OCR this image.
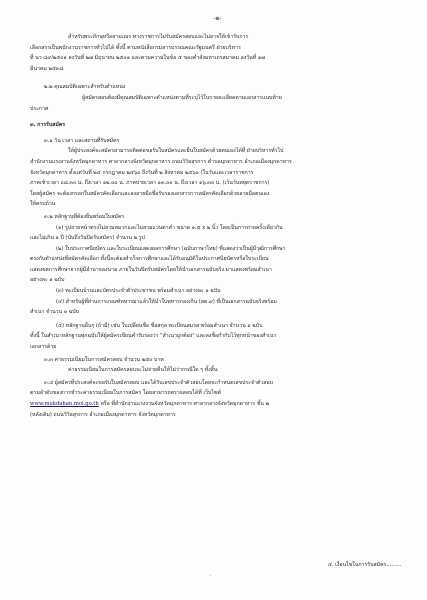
-๒-

สำหรับพระภิกษุหรือสามเณร ทางราชการไม่รับสมัครสอบและไม่อาจให้เข้ารับการ

เลือกสรรเป็นพนักงานราชการทั่วไปได้ ทั้งนี้ ตามหนังสือกรมสารบรรณคณะรัฐมนตรี ฝ่ายบริหาร

ที่ นว ๘๙/๒๕๐๑ ลงวันที่ ๒๗ มิถุนายน ๒๕๐๑ และตามความในข้อ ๕ ของคำสั่งมหาเถรสมาคม ลงวันที่ ๑๗

มีนาคม ๒๕๓๘

๒.๒ คุณสมบัติเฉพาะสำหรับตำแหน่ง

ผู้สมัครสอบต้องมีคุณสมบัติเฉพาะตำแหน่งตามที่ระบุไว้ในรายละเอียดตามเอกสารแนบท้าย

ประกาศ

๓. การรับสมัคร

๓.๑ วัน เวลา และสถานที่รับสมัคร

ให้ผู้ประสงค์จะสมัครสามารถติดต่อขอรับใบสมัครและยื่นใบสมัครด้วยตนเองได้ที่ ฝ่ายบริหารทั่วไป

สำนักงานแรงงานจังหวัดมุกดาหาร ศาลากลางจังหวัดมุกดาหาร ถนนวิวิธสุรการ ตำบลมุกดาหาร อำเภอเมืองมุกดาหาร

จังหวัดมุกดาหาร ตั้งแต่วันที่ ๒๔ กรกฎาคม ๒๕๖๐ ถึงวันที่ ๒ สิงหาคม ๒๕๖๐ (ในวันและเวลาราชการ

ภาคเช้าเวลา ๐๘.๓๐ น. ถึงเวลา ๑๒.๐๐ น. ภาคบ่ายเวลา ๑๓.๐๐ น. ถึงเวลา ๑๖.๓๐ น. (เว้นวันหยุดราชการ)

โดยผู้สมัคร จะต้องกรอกใบสมัครคัดเลือกและลงลายมือชื่อรับรองเอกสารการสมัครคัดเลือกด้วยลายมือตนเอง

ให้ครบถ้วน

๓.๒ หลักฐานที่ต้องยื่นพร้อมใบสมัคร

(๑) รูปถ่ายหน้าตรงไม่สวมหมวกและไม่สวมแว่นตาดำ ขนาด ๑.๕ x ๒ นิ้ว โดยเป็นการถ่ายครั้งเดียวกัน

และไม่เกิน ๑ ปี (นับถึงวันปิดรับสมัคร) จำนวน ๒ รูป

(๒) ใบประกาศนียบัตร และใบระเบียนแสดงผลการศึกษา (ฉบับภาษาไทย) ที่แสดงว่าเป็นผู้มีวุฒิการศึกษา

ตรงกับตำแหน่งที่สมัครคัดเลือก ทั้งนี้จะต้องสำเร็จการศึกษาและได้รับอนุมัติในประกาศนียบัตรหรือใบระเบียน

แสดงผลการศึกษาจากผู้มีอำนาจลงนาม ภายในวันปิดรับสมัครโดยให้นำเอกสารฉบับจริง มาแสดงพร้อมสำเนา

อย่างละ ๑ ฉบับ

(๓) ทะเบียนบ้านและบัตรประจำตัวประชาชน พร้อมสำเนา อย่างละ ๑ ฉบับ

(๔) สำหรับผู้ที่ผ่านการเกณฑ์ทหารมาแล้วให้นำใบทหารกองเกิน (สด.๙) ที่เป็นเอกสารฉบับจริงพร้อม

สำเนา จำนวน ๑ ฉบับ

(๕) หลักฐานอื่นๆ (ถ้ามี) เช่น ใบเปลี่ยนชื่อ ชื่อสกุล ทะเบียนสมรส พร้อมสำเนา จำนวน ๑ ฉบับ

ทั้งนี้ ในสำเนาหลักฐานทุกฉบับให้ผู้สมัครเขียนคำรับรองว่า "สำเนาถูกต้อง" และลงชื่อกำกับไว้ทุกหน้าของสำเนา

เอกสารด้วย

๓.๓ ค่าธรรมเนียมในการสมัครสอบ จำนวน ๒๕๐ บาท

ค่าธรรมเนียมในการสมัครสอบจะไม่จ่ายคืนให้ไม่ว่ากรณีใด ๆ ทั้งสิ้น

๓.๔ ผู้สมัครที่ประสงค์จะขอรับใบสมัครสอบ และได้รับเลขประจำตัวสอบโดยจะกำหนดเลขประจำตัวสอบ

ตามลำดับของการชำระค่าธรรมเนียมในการสมัคร โดยสามารถตรวจสอบได้ที่ เว็บไซต์

www.mukdahan.mol.go.th หรือ ที่สำนักงานแรงงานจังหวัดมุกดาหาร ศาลากลางจังหวัดมุกดาหาร ชั้น ๒

(หลังเดิม) ถนนวิวิธสุรการ อำเภอเมืองมุกดาหาร จังหวัดมุกดาหาร

๔. เงื่อนไขในการรับสมัคร.........
